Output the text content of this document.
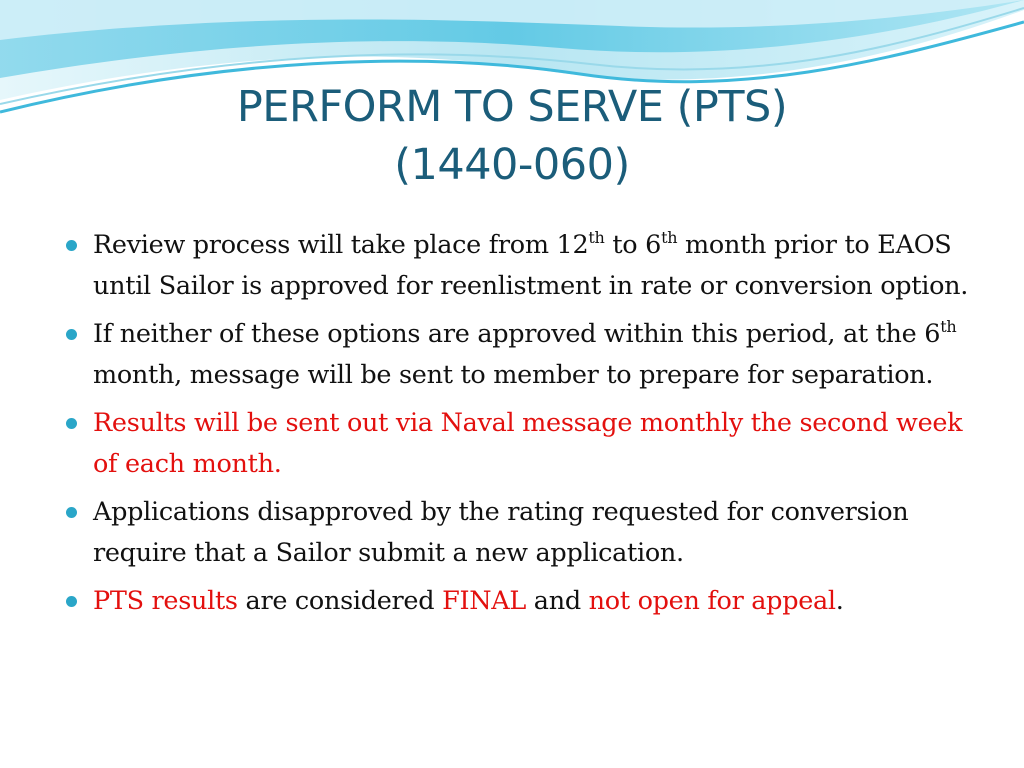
PERFORM TO SERVE (PTS)
(1440-060)
Review process will take place from 12th to 6th month prior to EAOS until Sailor is approved for reenlistment in rate or conversion option.
If neither of these options are approved within this period, at the 6th month, message will be sent to member to prepare for separation.
Results will be sent out via Naval message monthly the second week of each month.
Applications disapproved by the rating requested for conversion require that a Sailor submit a new application.
PTS results are considered FINAL and not open for appeal.
